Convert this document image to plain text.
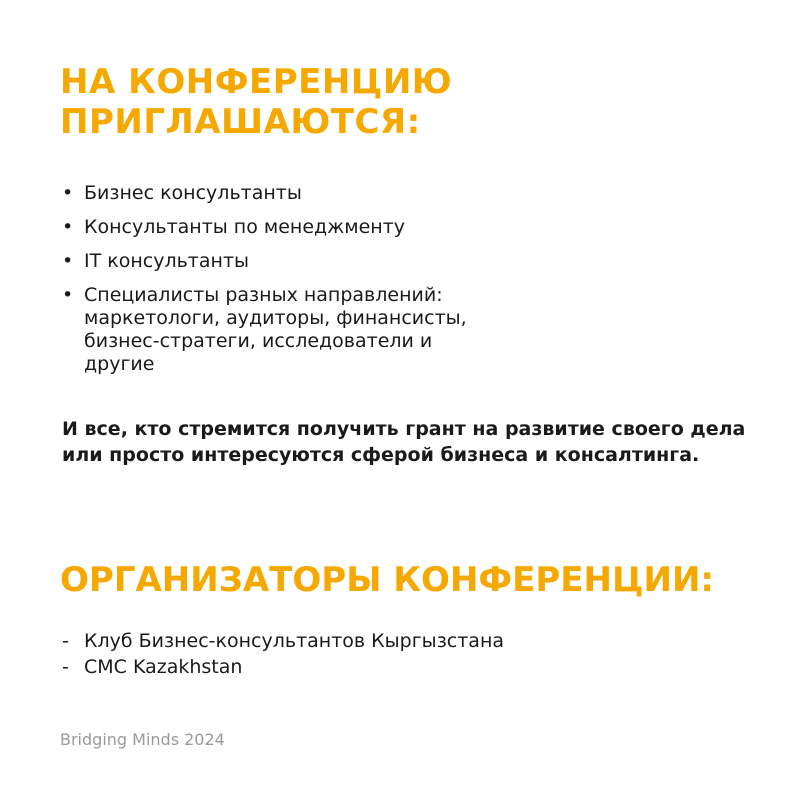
НА КОНФЕРЕНЦИЮ ПРИГЛАШАЮТСЯ:
• Бизнес консультанты
• Консультанты по менеджменту
• IT консультанты
• Специалисты разных направлений: маркетологи, аудиторы, финансисты, бизнес-стратеги, исследователи и другие

И все, кто стремится получить грант на развитие своего дела или просто интересуются сферой бизнеса и консалтинга.

ОРГАНИЗАТОРЫ КОНФЕРЕНЦИИ:
- Клуб Бизнес-консультантов Кыргызстана
- CMC Kazakhstan
Bridging Minds 2024
